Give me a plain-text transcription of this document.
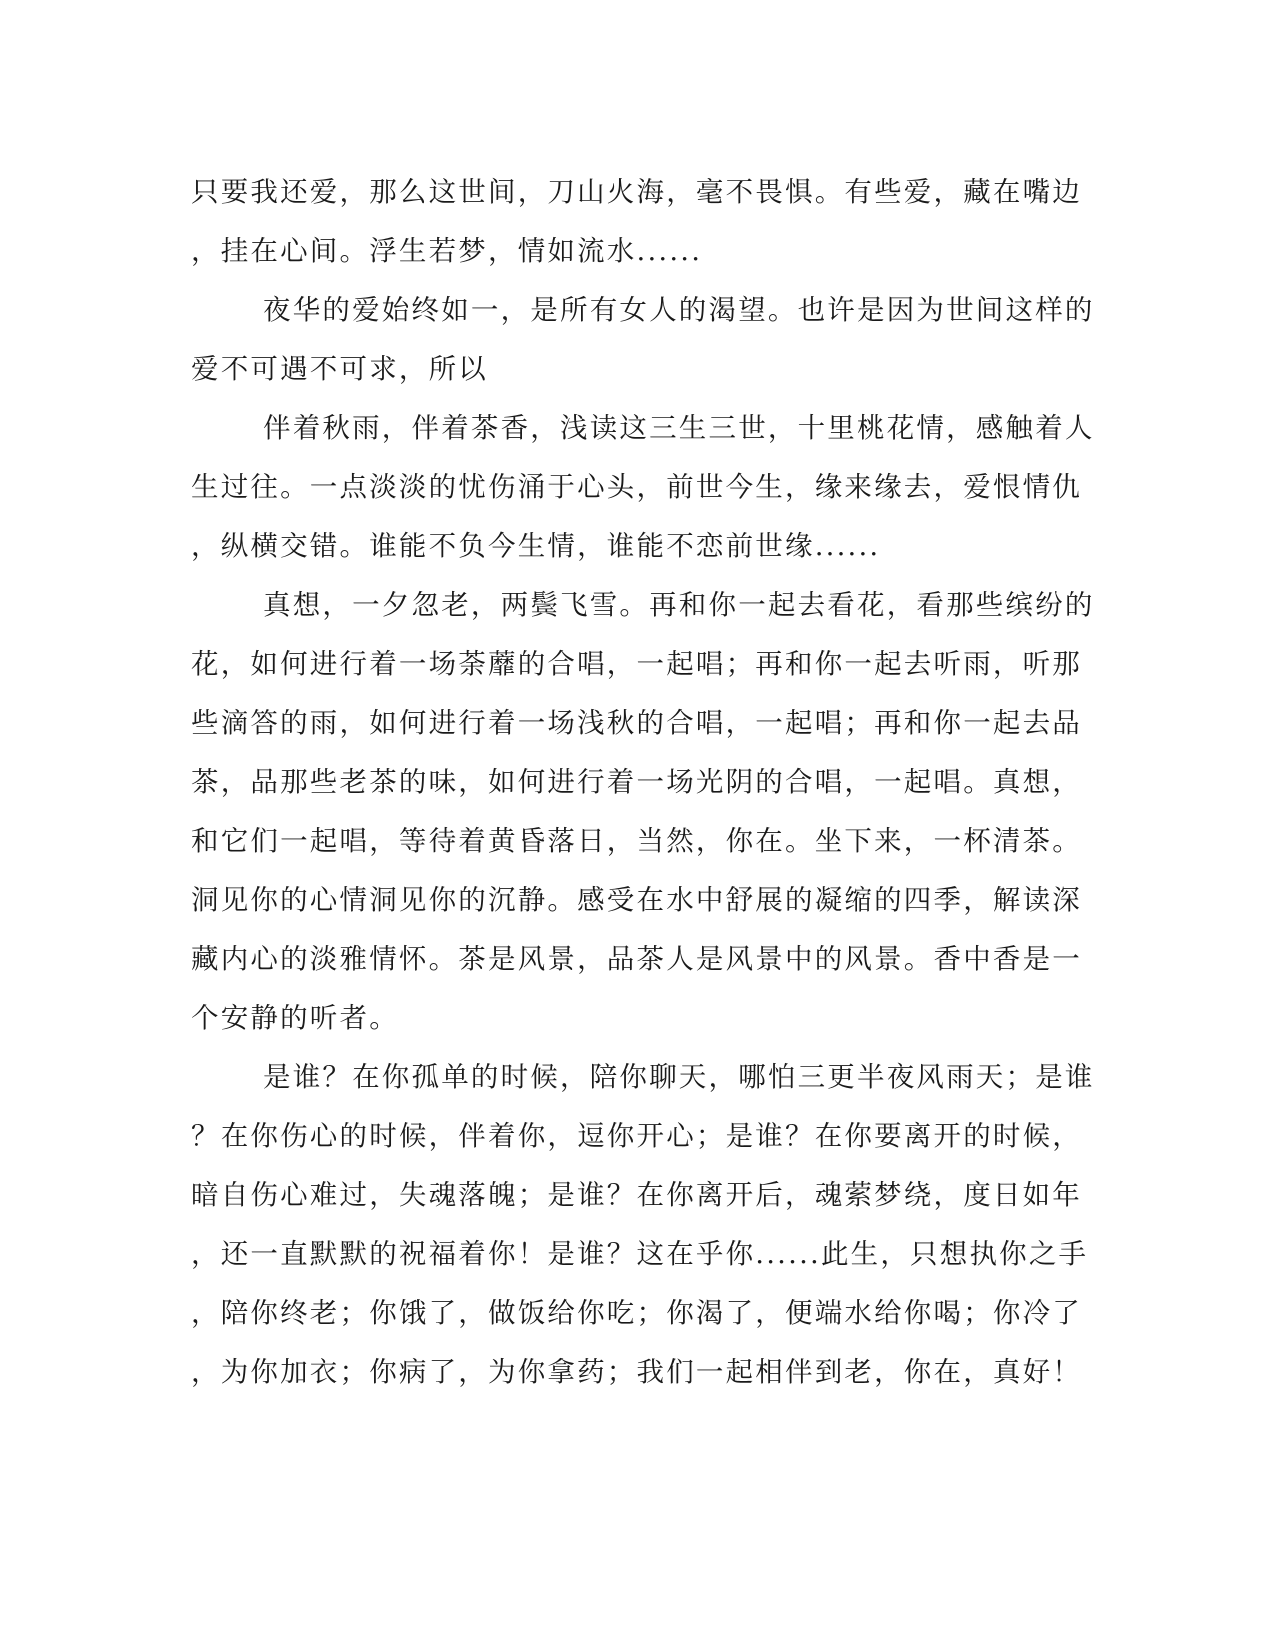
只要我还爱，那么这世间，刀山火海，毫不畏惧。有些爱，藏在嘴边
，挂在心间。浮生若梦，情如流水......
夜华的爱始终如一，是所有女人的渴望。也许是因为世间这样的
爱不可遇不可求，所以
伴着秋雨，伴着茶香，浅读这三生三世，十里桃花情，感触着人
生过往。一点淡淡的忧伤涌于心头，前世今生，缘来缘去，爱恨情仇
，纵横交错。谁能不负今生情，谁能不恋前世缘......
真想，一夕忽老，两鬓飞雪。再和你一起去看花，看那些缤纷的
花，如何进行着一场荼蘼的合唱，一起唱；再和你一起去听雨，听那
些滴答的雨，如何进行着一场浅秋的合唱，一起唱；再和你一起去品
茶，品那些老茶的味，如何进行着一场光阴的合唱，一起唱。真想，
和它们一起唱，等待着黄昏落日，当然，你在。坐下来，一杯清茶。
洞见你的心情洞见你的沉静。感受在水中舒展的凝缩的四季，解读深
藏内心的淡雅情怀。茶是风景，品茶人是风景中的风景。香中香是一
个安静的听者。
是谁？在你孤单的时候，陪你聊天，哪怕三更半夜风雨天；是谁
？在你伤心的时候，伴着你，逗你开心；是谁？在你要离开的时候，
暗自伤心难过，失魂落魄；是谁？在你离开后，魂萦梦绕，度日如年
，还一直默默的祝福着你！是谁？这在乎你......此生，只想执你之手
，陪你终老；你饿了，做饭给你吃；你渴了，便端水给你喝；你冷了
，为你加衣；你病了，为你拿药；我们一起相伴到老，你在，真好！
